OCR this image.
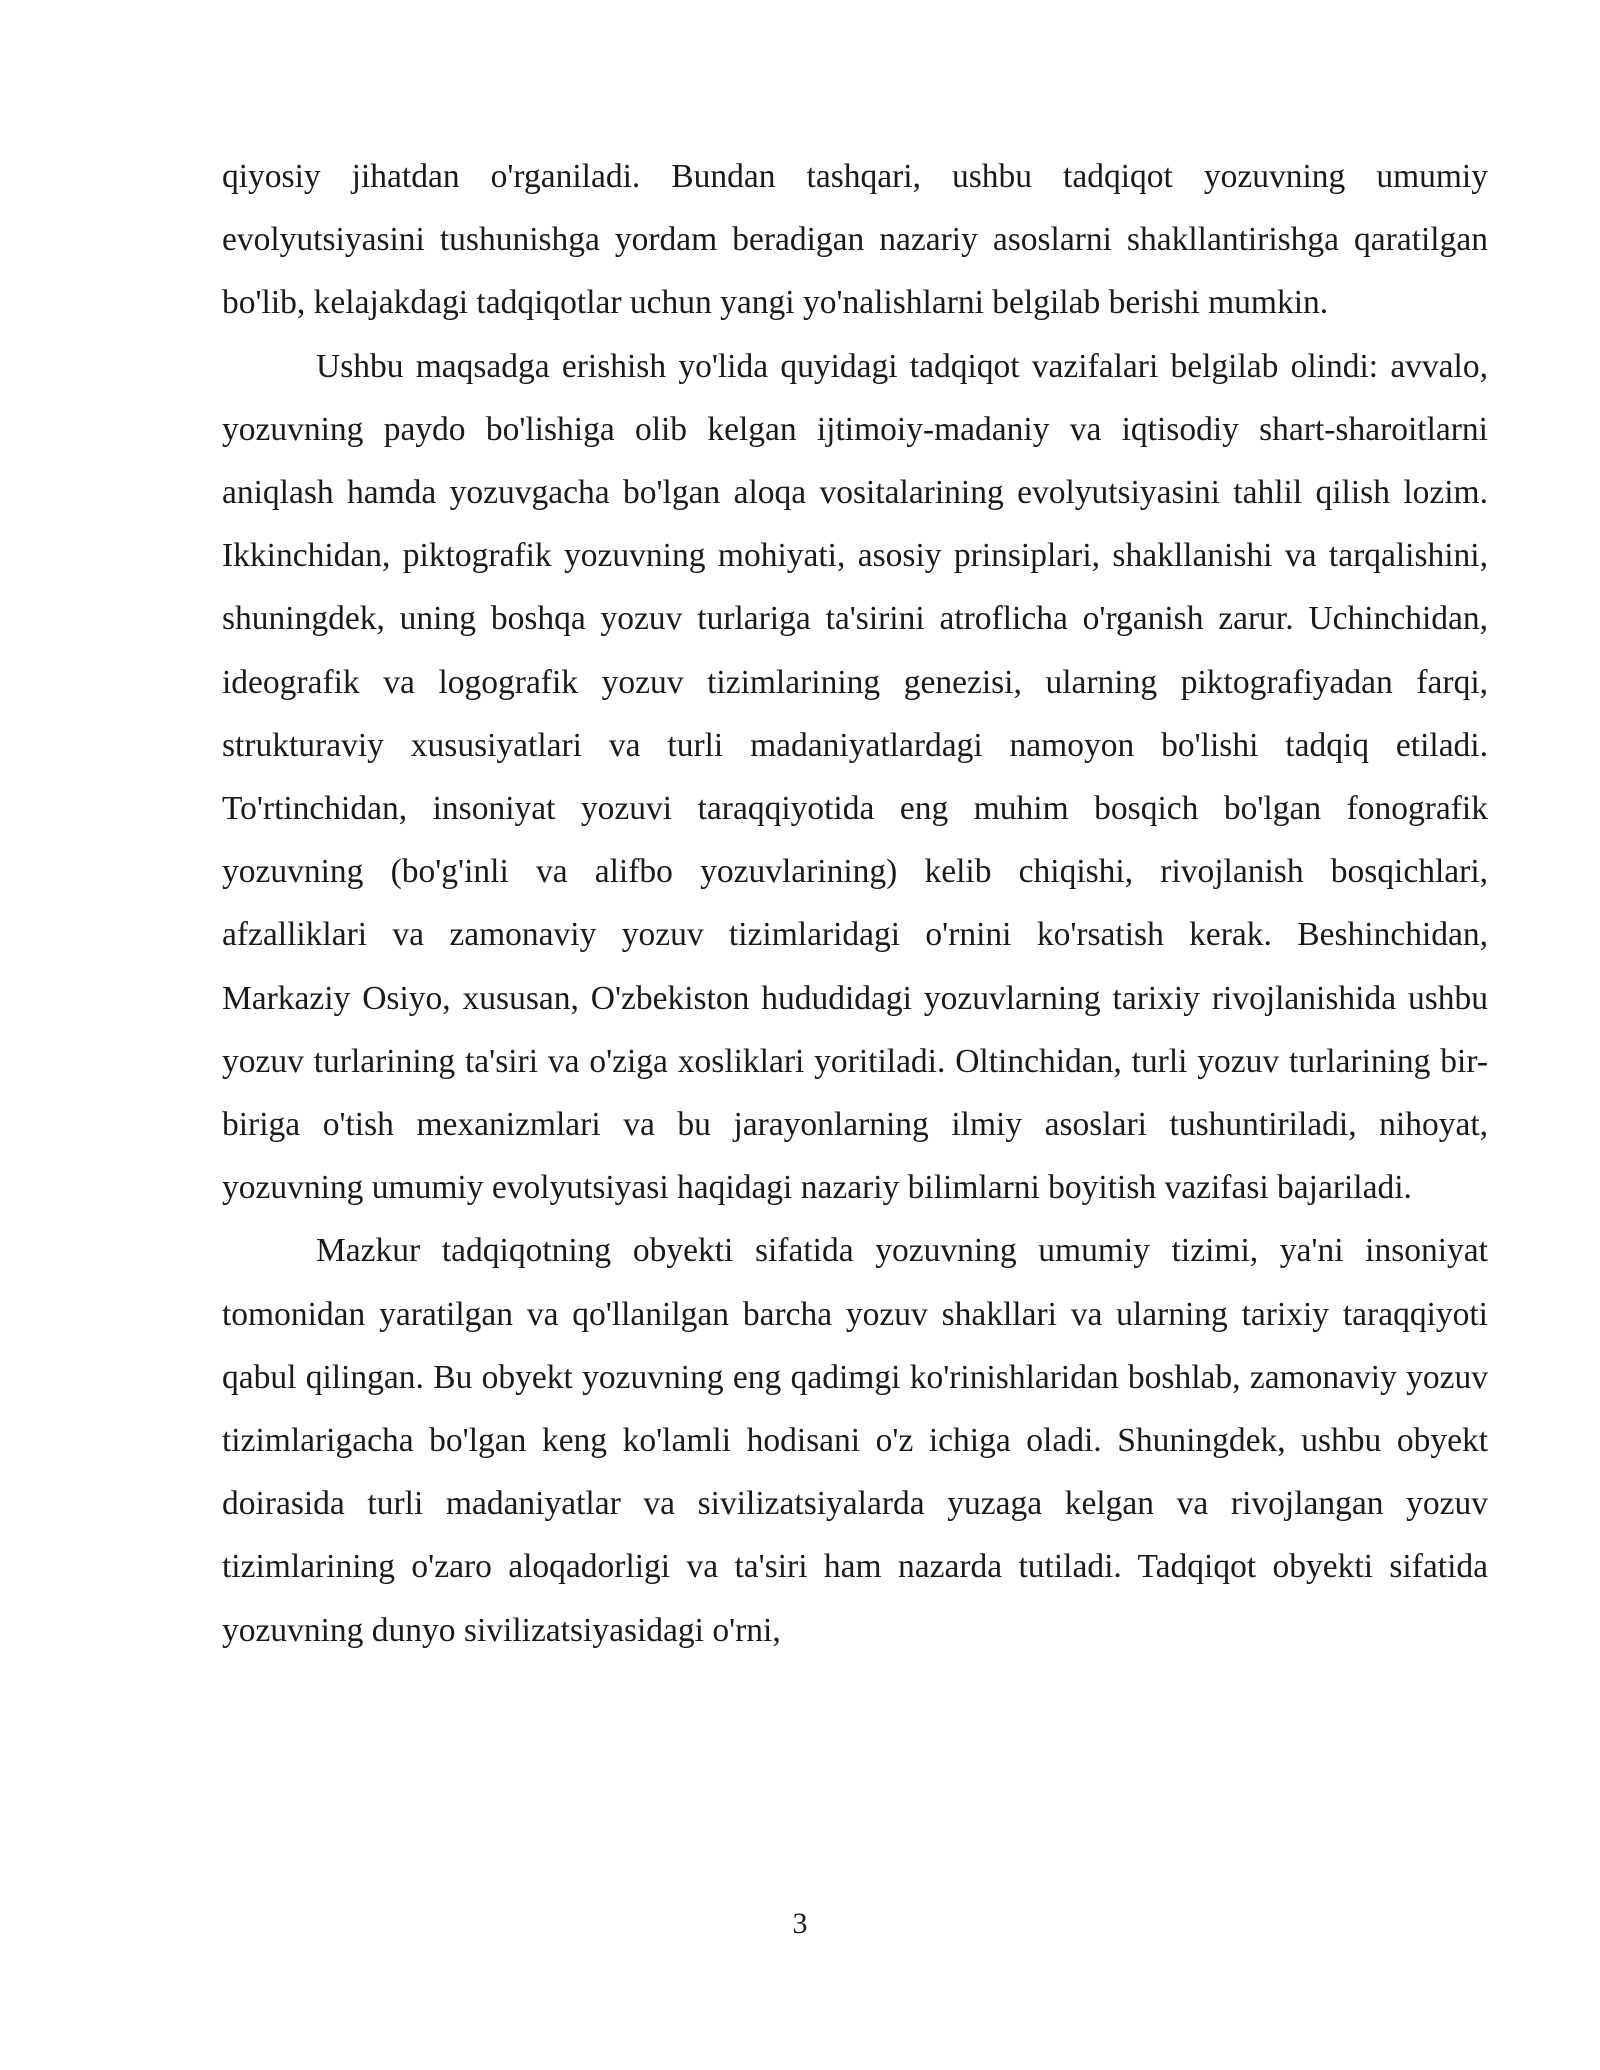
qiyosiy jihatdan o'rganiladi. Bundan tashqari, ushbu tadqiqot yozuvning umumiy evolyutsiyasini tushunishga yordam beradigan nazariy asoslarni shakllantirishga qaratilgan bo'lib, kelajakdagi tadqiqotlar uchun yangi yo'nalishlarni belgilab berishi mumkin.

Ushbu maqsadga erishish yo'lida quyidagi tadqiqot vazifalari belgilab olindi: avvalo, yozuvning paydo bo'lishiga olib kelgan ijtimoiy-madaniy va iqtisodiy shart-sharoitlarni aniqlash hamda yozuvgacha bo'lgan aloqa vositalarining evolyutsiyasini tahlil qilish lozim. Ikkinchidan, piktografik yozuvning mohiyati, asosiy prinsiplari, shakllanishi va tarqalishini, shuningdek, uning boshqa yozuv turlariga ta'sirini atroflicha o'rganish zarur. Uchinchidan, ideografik va logografik yozuv tizimlarining genezisi, ularning piktografiyadan farqi, strukturaviy xususiyatlari va turli madaniyatlardagi namoyon bo'lishi tadqiq etiladi. To'rtinchidan, insoniyat yozuvi taraqqiyotida eng muhim bosqich bo'lgan fonografik yozuvning (bo'g'inli va alifbo yozuvlarining) kelib chiqishi, rivojlanish bosqichlari, afzalliklari va zamonaviy yozuv tizimlaridagi o'rnini ko'rsatish kerak. Beshinchidan, Markaziy Osiyo, xususan, O'zbekiston hududidagi yozuvlarning tarixiy rivojlanishida ushbu yozuv turlarining ta'siri va o'ziga xosliklari yoritiladi. Oltinchidan, turli yozuv turlarining bir-biriga o'tish mexanizmlari va bu jarayonlarning ilmiy asoslari tushuntiriladi, nihoyat, yozuvning umumiy evolyutsiyasi haqidagi nazariy bilimlarni boyitish vazifasi bajariladi.

Mazkur tadqiqotning obyekti sifatida yozuvning umumiy tizimi, ya'ni insoniyat tomonidan yaratilgan va qo'llanilgan barcha yozuv shakllari va ularning tarixiy taraqqiyoti qabul qilingan. Bu obyekt yozuvning eng qadimgi ko'rinishlaridan boshlab, zamonaviy yozuv tizimlarigacha bo'lgan keng ko'lamli hodisani o'z ichiga oladi. Shuningdek, ushbu obyekt doirasida turli madaniyatlar va sivilizatsiyalarda yuzaga kelgan va rivojlangan yozuv tizimlarining o'zaro aloqadorligi va ta'siri ham nazarda tutiladi. Tadqiqot obyekti sifatida yozuvning dunyo sivilizatsiyasidagi o'rni,

3
